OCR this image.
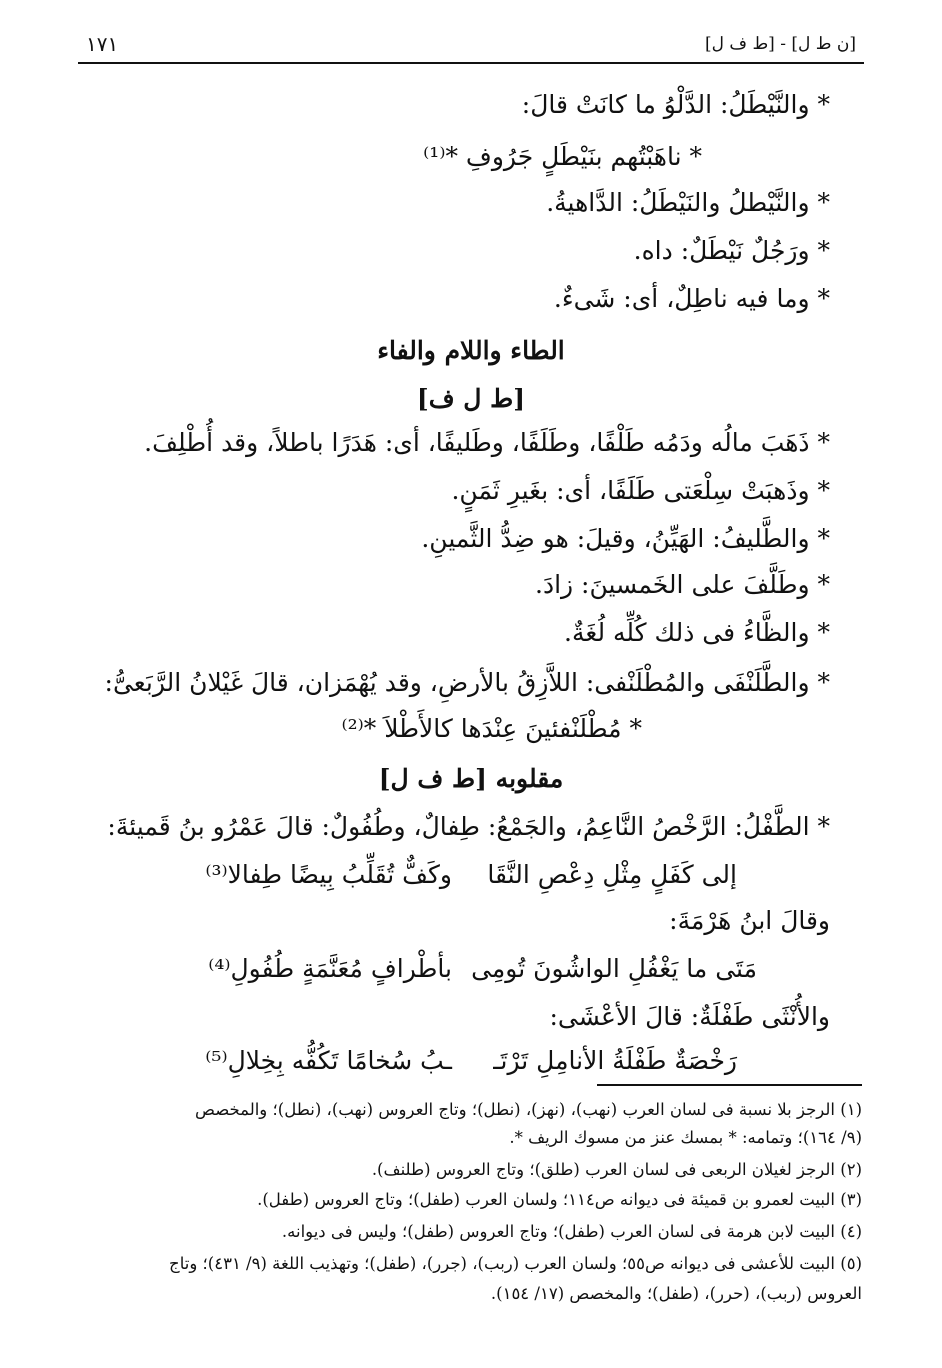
[ن ط ل] - [ط ف ل]
١٧١
* والنَّيْطَلُ: الدَّلْوُ ما كانَتْ قالَ:
* ناهَبْتُهم بنَيْطَلٍ جَرُوفِ *⁽¹⁾
* والنَّيْطلُ والنَيْطَلُ: الدَّاهيةُ.
* ورَجُلٌ نَيْطَلٌ: داه.
* وما فيه ناطِلٌ، أى: شَىءٌ.
الطاء واللام والفاء
[ط ل ف]
* ذَهَبَ مالُه ودَمُه طَلْفًا، وطَلَفًا، وطَليفًا، أى: هَدَرًا باطلاً، وقد أُطْلِفَ.
* وذَهبَتْ سِلْعَتى طَلَفًا، أى: بغَيرِ ثَمَنٍ.
* والطَّليفُ: الهَيِّنُ، وقيلَ: هو ضِدُّ الثَّمينِ.
* وطَلَّفَ على الخَمسينَ: زادَ.
* والظَّاءُ فى ذلك كُلِّه لُغَةٌ.
* والطَّلَنْفَى والمُطْلَنْفى: اللاَّزِقُ بالأرضِ، وقد يُهْمَزان، قالَ غَيْلانُ الرَّبَعىُّ:
* مُطْلَنْفئينَ عِنْدَها كالأَطْلاَ *⁽²⁾
مقلوبه [ط ف ل]
* الطَّفْلُ: الرَّخْصُ النَّاعِمُ، والجَمْعُ: طِفالٌ، وطُفُولٌ: قالَ عَمْرُو بنُ قَميئةَ:
إلى كَفَلٍ مِثْلِ دِعْصِ النَّقَا
وكَفٌّ تُقَلِّبُ بِيضًا طِفالا⁽³⁾
وقالَ ابنُ هَرْمَةَ:
مَتَى ما يَغْفُلِ الواشُونَ تُومِى
بأطْرافٍ مُعَنَّمَةٍ طُفُولِ⁽⁴⁾
والأُنْثَى طَفْلَةٌ: قالَ الأعْشَى:
رَخْصَةٌ طَفْلَةُ الأنامِلِ تَرْتَـ
ـبُ سُخامًا تَكُفُّه بِخِلالِ⁽⁵⁾
(١) الرجز بلا نسبة فى لسان العرب (نهب)، (نهز)، (نطل)؛ وتاج العروس (نهب)، (نطل)؛ والمخصص
(٩/ ١٦٤)؛ وتمامه: * بمسك عنز من مسوك الريف *.
(٢) الرجز لغيلان الربعى فى لسان العرب (طلق)؛ وتاج العروس (طلنف).
(٣) البيت لعمرو بن قميئة فى ديوانه ص١١٤؛ ولسان العرب (طفل)؛ وتاج العروس (طفل).
(٤) البيت لابن هرمة فى لسان العرب (طفل)؛ وتاج العروس (طفل)؛ وليس فى ديوانه.
(٥) البيت للأعشى فى ديوانه ص٥٥؛ ولسان العرب (ربب)، (جرر)، (طفل)؛ وتهذيب اللغة (٩/ ٤٣١)؛ وتاج
العروس (ربب)، (حرر)، (طفل)؛ والمخصص (١٧/ ١٥٤).
